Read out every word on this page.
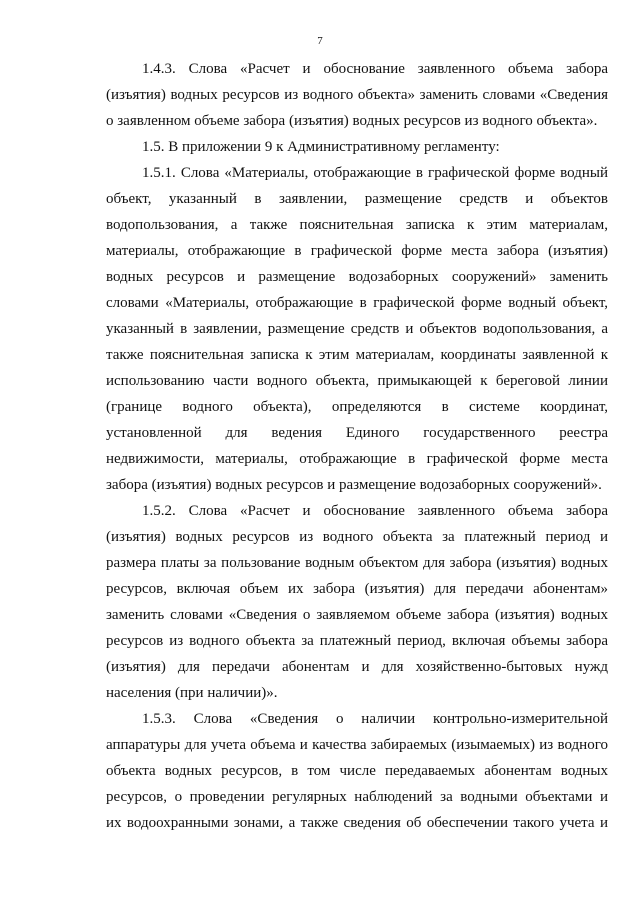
7

1.4.3. Слова «Расчет и обоснование заявленного объема забора
(изъятия) водных ресурсов из водного объекта» заменить словами «Сведения
о заявленном объеме забора (изъятия) водных ресурсов из водного объекта».

1.5. В приложении 9 к Административному регламенту:

1.5.1. Слова «Материалы, отображающие в графической форме водный
объект, указанный в заявлении, размещение средств и объектов
водопользования, а также пояснительная записка к этим материалам,
материалы, отображающие в графической форме места забора (изъятия)
водных ресурсов и размещение водозаборных сооружений» заменить
словами «Материалы, отображающие в графической форме водный объект,
указанный в заявлении, размещение средств и объектов водопользования, а
также пояснительная записка к этим материалам, координаты заявленной к
использованию части водного объекта, примыкающей к береговой линии
(границе водного объекта), определяются в системе координат,
установленной для ведения Единого государственного реестра
недвижимости, материалы, отображающие в графической форме места
забора (изъятия) водных ресурсов и размещение водозаборных сооружений».

1.5.2. Слова «Расчет и обоснование заявленного объема забора
(изъятия) водных ресурсов из водного объекта за платежный период и
размера платы за пользование водным объектом для забора (изъятия) водных
ресурсов, включая объем их забора (изъятия) для передачи абонентам»
заменить словами «Сведения о заявляемом объеме забора (изъятия) водных
ресурсов из водного объекта за платежный период, включая объемы забора
(изъятия) для передачи абонентам и для хозяйственно-бытовых нужд
населения (при наличии)».

1.5.3. Слова «Сведения о наличии контрольно-измерительной
аппаратуры для учета объема и качества забираемых (изымаемых) из водного
объекта водных ресурсов, в том числе передаваемых абонентам водных
ресурсов, о проведении регулярных наблюдений за водными объектами и
их водоохранными зонами, а также сведения об обеспечении такого учета и
